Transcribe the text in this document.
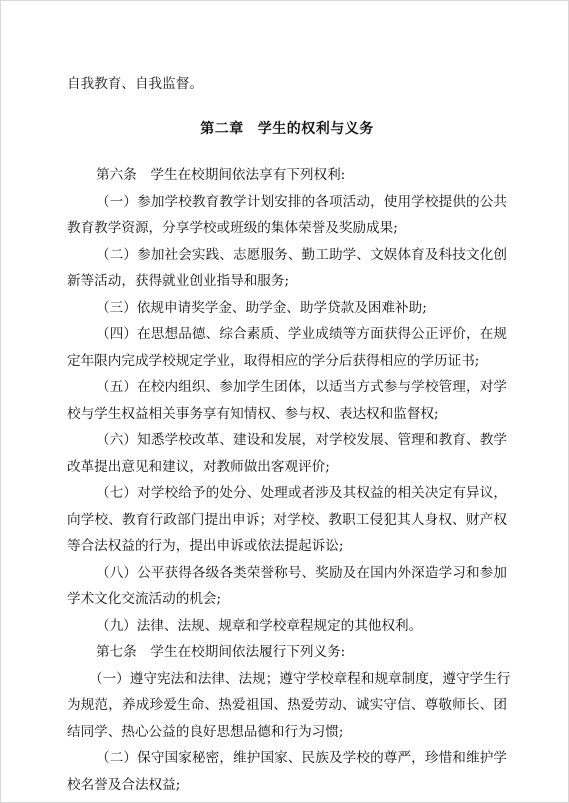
自我教育、自我监督。
第二章 学生的权利与义务
第六条　学生在校期间依法享有下列权利:
（一）参加学校教育教学计划安排的各项活动，使用学校提供的公共
教育教学资源，分享学校或班级的集体荣誉及奖励成果;
（二）参加社会实践、志愿服务、勤工助学、文娱体育及科技文化创
新等活动，获得就业创业指导和服务;
（三）依规申请奖学金、助学金、助学贷款及困难补助;
（四）在思想品德、综合素质、学业成绩等方面获得公正评价，在规
定年限内完成学校规定学业，取得相应的学分后获得相应的学历证书;
（五）在校内组织、参加学生团体，以适当方式参与学校管理，对学
校与学生权益相关事务享有知情权、参与权、表达权和监督权;
（六）知悉学校改革、建设和发展，对学校发展、管理和教育、教学
改革提出意见和建议，对教师做出客观评价;
（七）对学校给予的处分、处理或者涉及其权益的相关决定有异议，
向学校、教育行政部门提出申诉；对学校、教职工侵犯其人身权、财产权
等合法权益的行为，提出申诉或依法提起诉讼;
（八）公平获得各级各类荣誉称号、奖励及在国内外深造学习和参加
学术文化交流活动的机会;
（九）法律、法规、规章和学校章程规定的其他权利。
第七条　学生在校期间依法履行下列义务:
（一）遵守宪法和法律、法规；遵守学校章程和规章制度，遵守学生行
为规范，养成珍爱生命、热爱祖国、热爱劳动、诚实守信、尊敬师长、团
结同学、热心公益的良好思想品德和行为习惯;
（二）保守国家秘密，维护国家、民族及学校的尊严，珍惜和维护学
校名誉及合法权益;
